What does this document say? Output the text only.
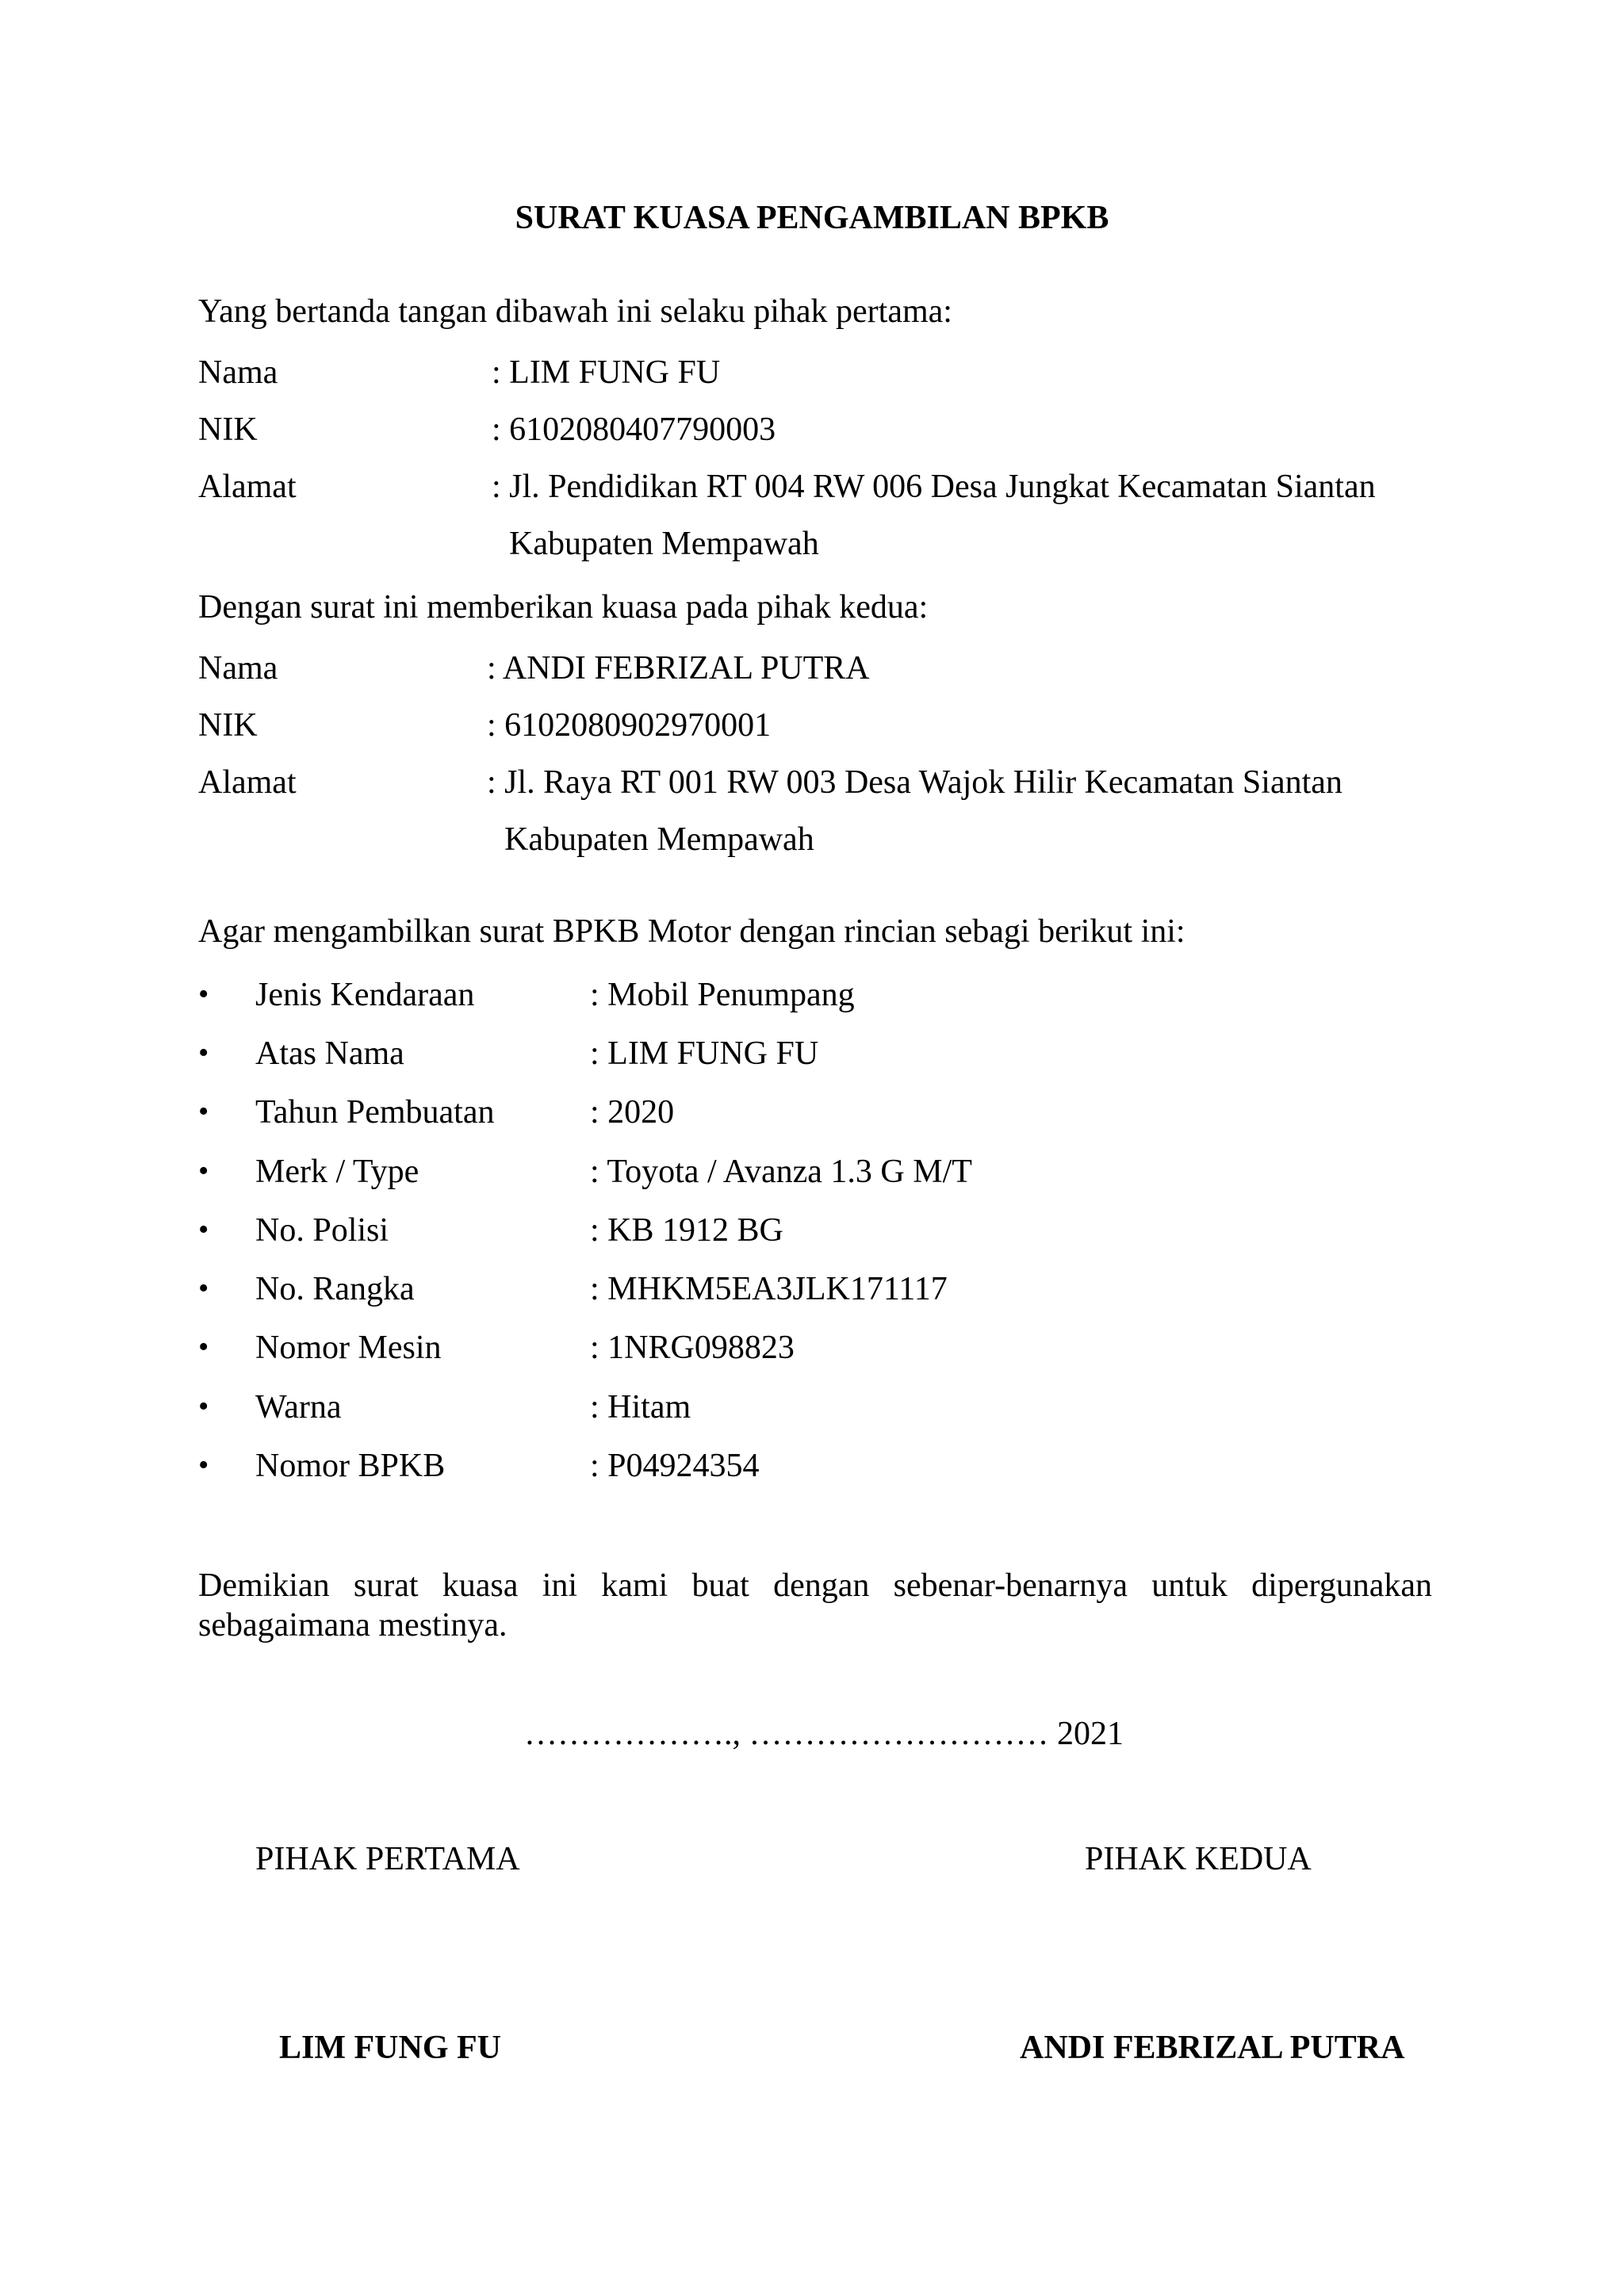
SURAT KUASA PENGAMBILAN BPKB
Yang bertanda tangan dibawah ini selaku pihak pertama:
Nama	: LIM FUNG FU
NIK	: 6102080407790003
Alamat	: Jl. Pendidikan RT 004 RW 006 Desa Jungkat Kecamatan Siantan
Kabupaten Mempawah
Dengan surat ini memberikan kuasa pada pihak kedua:
Nama	: ANDI FEBRIZAL PUTRA
NIK	: 6102080902970001
Alamat	: Jl. Raya RT 001 RW 003 Desa Wajok Hilir Kecamatan Siantan
Kabupaten Mempawah
Agar mengambilkan surat BPKB Motor dengan rincian sebagi berikut ini:
• Jenis Kendaraan	: Mobil Penumpang
• Atas Nama	: LIM FUNG FU
• Tahun Pembuatan	: 2020
• Merk / Type	: Toyota / Avanza 1.3 G M/T
• No. Polisi	: KB 1912 BG
• No. Rangka	: MHKM5EA3JLK171117
• Nomor Mesin	: 1NRG098823
• Warna	: Hitam
• Nomor BPKB	: P04924354
Demikian surat kuasa ini kami buat dengan sebenar-benarnya untuk dipergunakan sebagaimana mestinya.
………………., ……………………… 2021
PIHAK PERTAMA	PIHAK KEDUA
LIM FUNG FU	ANDI FEBRIZAL PUTRA
